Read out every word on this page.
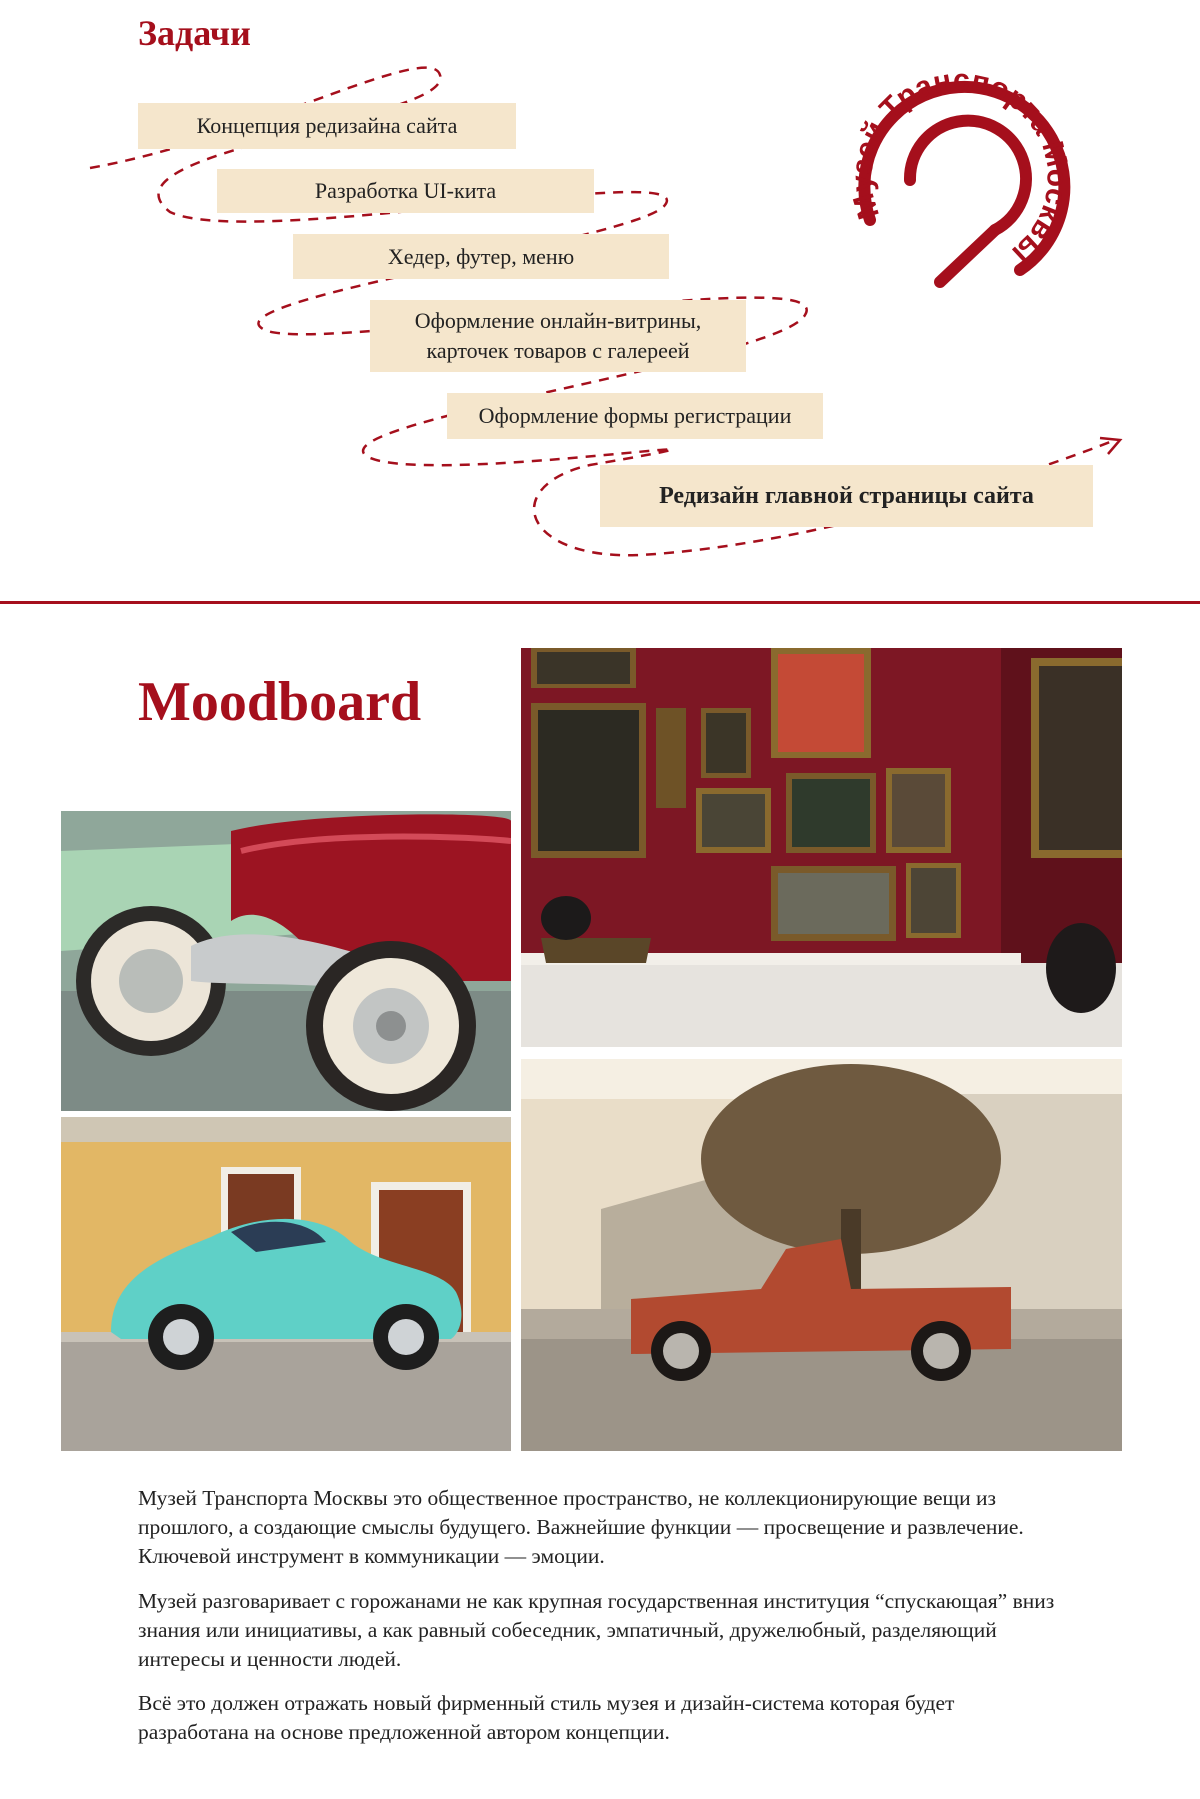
Задачи
Концепция редизайна сайта
Разработка UI-кита
Хедер, футер, меню
Оформление онлайн-витрины, карточек товаров с галереей
Оформление формы регистрации
Редизайн главной страницы сайта
Музей Транспорта Москвы
Moodboard

Музей Транспорта Москвы это общественное пространство, не коллекционирующие вещи из прошлого, а создающие смыслы будущего. Важнейшие функции — просвещение и развлечение. Ключевой инструмент в коммуникации — эмоции.

Музей разговаривает с горожанами не как крупная государственная институция “спускающая” вниз знания или инициативы, а как равный собеседник, эмпатичный, дружелюбный, разделяющий интересы и ценности людей.

Всё это должен отражать новый фирменный стиль музея и дизайн-система которая будет разработана на основе предложенной автором концепции.
